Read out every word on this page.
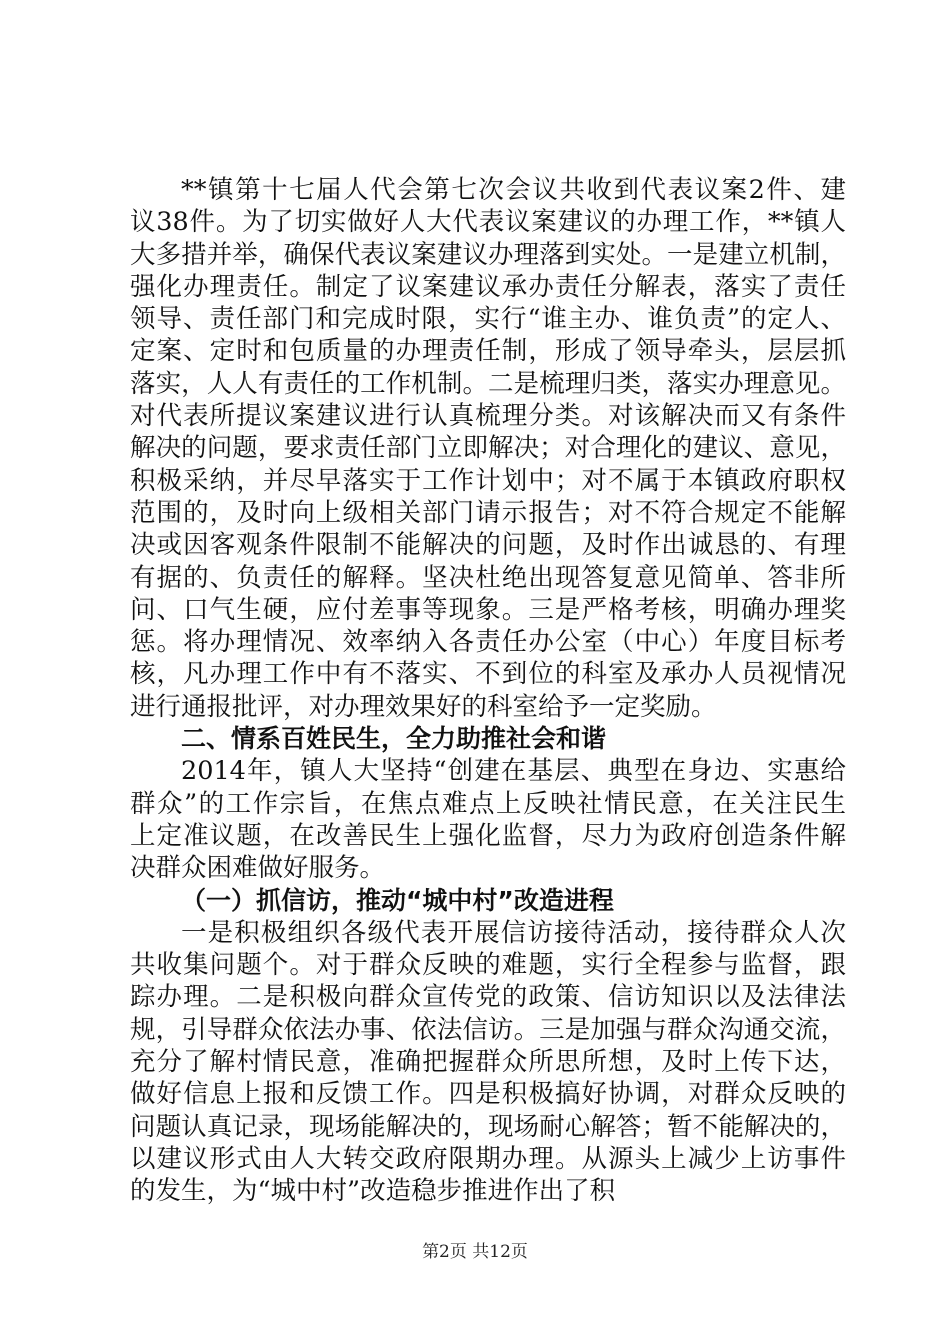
**镇第十七届人代会第七次会议共收到代表议案2件、建
议38件。为了切实做好人大代表议案建议的办理工作，**镇人
大多措并举，确保代表议案建议办理落到实处。一是建立机制，
强化办理责任。制定了议案建议承办责任分解表，落实了责任
领导、责任部门和完成时限，实行“谁主办、谁负责”的定人、
定案、定时和包质量的办理责任制，形成了领导牵头，层层抓
落实，人人有责任的工作机制。二是梳理归类，落实办理意见。
对代表所提议案建议进行认真梳理分类。对该解决而又有条件
解决的问题，要求责任部门立即解决；对合理化的建议、意见，
积极采纳，并尽早落实于工作计划中；对不属于本镇政府职权
范围的，及时向上级相关部门请示报告；对不符合规定不能解
决或因客观条件限制不能解决的问题，及时作出诚恳的、有理
有据的、负责任的解释。坚决杜绝出现答复意见简单、答非所
问、口气生硬，应付差事等现象。三是严格考核，明确办理奖
惩。将办理情况、效率纳入各责任办公室（中心）年度目标考
核，凡办理工作中有不落实、不到位的科室及承办人员视情况
进行通报批评，对办理效果好的科室给予一定奖励。
二、情系百姓民生，全力助推社会和谐
2014年，镇人大坚持“创建在基层、典型在身边、实惠给
群众”的工作宗旨，在焦点难点上反映社情民意，在关注民生
上定准议题，在改善民生上强化监督，尽力为政府创造条件解
决群众困难做好服务。
（一）抓信访，推动“城中村”改造进程
一是积极组织各级代表开展信访接待活动，接待群众人次
共收集问题个。对于群众反映的难题，实行全程参与监督，跟
踪办理。二是积极向群众宣传党的政策、信访知识以及法律法
规，引导群众依法办事、依法信访。三是加强与群众沟通交流，
充分了解村情民意，准确把握群众所思所想，及时上传下达，
做好信息上报和反馈工作。四是积极搞好协调，对群众反映的
问题认真记录，现场能解决的，现场耐心解答；暂不能解决的，
以建议形式由人大转交政府限期办理。从源头上减少上访事件
的发生，为“城中村”改造稳步推进作出了积
第2页 共12页
